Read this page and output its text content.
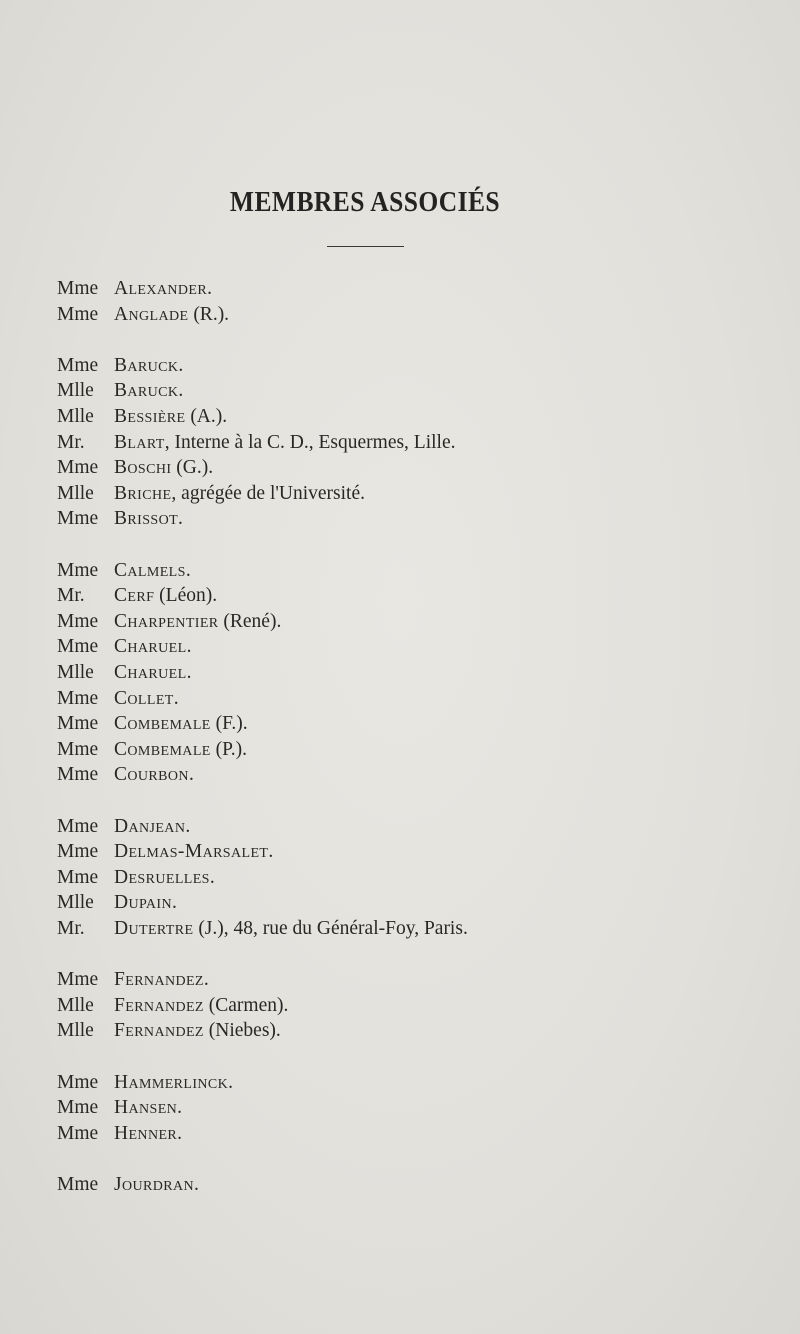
MEMBRES ASSOCIÉS
Mme Alexander.
Mme Anglade (R.).
Mme Baruck.
Mlle Baruck.
Mlle Bessière (A.).
Mr. Blart, Interne à la C. D., Esquermes, Lille.
Mme Boschi (G.).
Mlle Briche, agrégée de l'Université.
Mme Brissot.
Mme Calmels.
Mr. Cerf (Léon).
Mme Charpentier (René).
Mme Charuel.
Mlle Charuel.
Mme Collet.
Mme Combemale (F.).
Mme Combemale (P.).
Mme Courbon.
Mme Danjean.
Mme Delmas-Marsalet.
Mme Desruelles.
Mlle Dupain.
Mr. Dutertre (J.), 48, rue du Général-Foy, Paris.
Mme Fernandez.
Mlle Fernandez (Carmen).
Mlle Fernandez (Niebes).
Mme Hammerlinck.
Mme Hansen.
Mme Henner.
Mme Jourdran.
